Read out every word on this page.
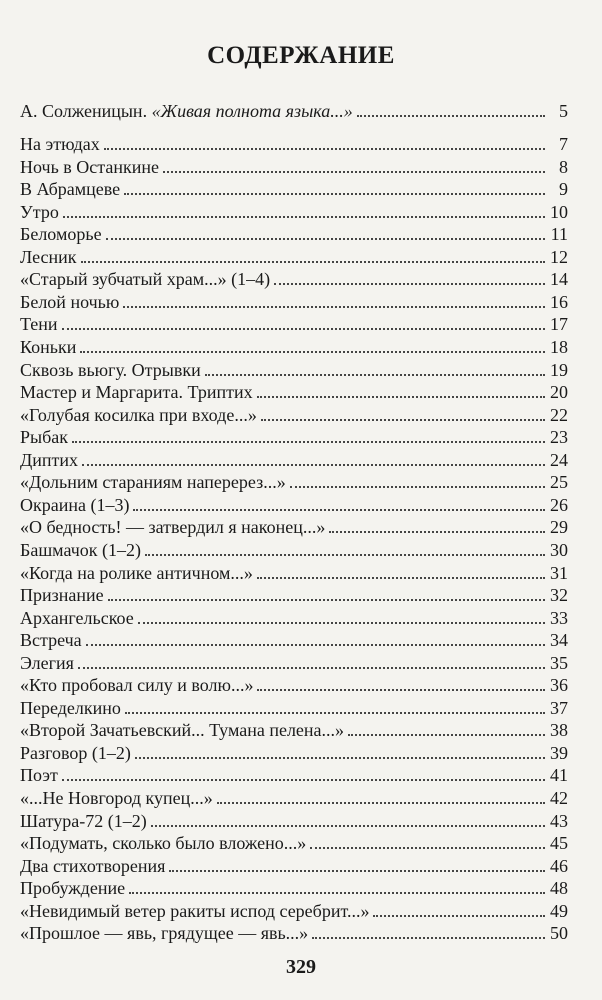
СОДЕРЖАНИЕ
А. Солженицын. «Живая полнота языка...»	5
На этюдах	7
Ночь в Останкине	8
В Абрамцеве	9
Утро	10
Беломорье	11
Лесник	12
«Старый зубчатый храм...» (1–4)	14
Белой ночью	16
Тени	17
Коньки	18
Сквозь вьюгу. Отрывки	19
Мастер и Маргарита. Триптих	20
«Голубая косилка при входе...»	22
Рыбак	23
Диптих	24
«Дольним стараниям наперерез...»	25
Окраина (1–3)	26
«О бедность! — затвердил я наконец...»	29
Башмачок (1–2)	30
«Когда на ролике античном...»	31
Признание	32
Архангельское	33
Встреча	34
Элегия	35
«Кто пробовал силу и волю...»	36
Переделкино	37
«Второй Зачатьевский... Тумана пелена...»	38
Разговор (1–2)	39
Поэт	41
«...Не Новгород купец...»	42
Шатура-72 (1–2)	43
«Подумать, сколько было вложено...»	45
Два стихотворения	46
Пробуждение	48
«Невидимый ветер ракиты испод серебрит...»	49
«Прошлое — явь, грядущее — явь...»	50
329
